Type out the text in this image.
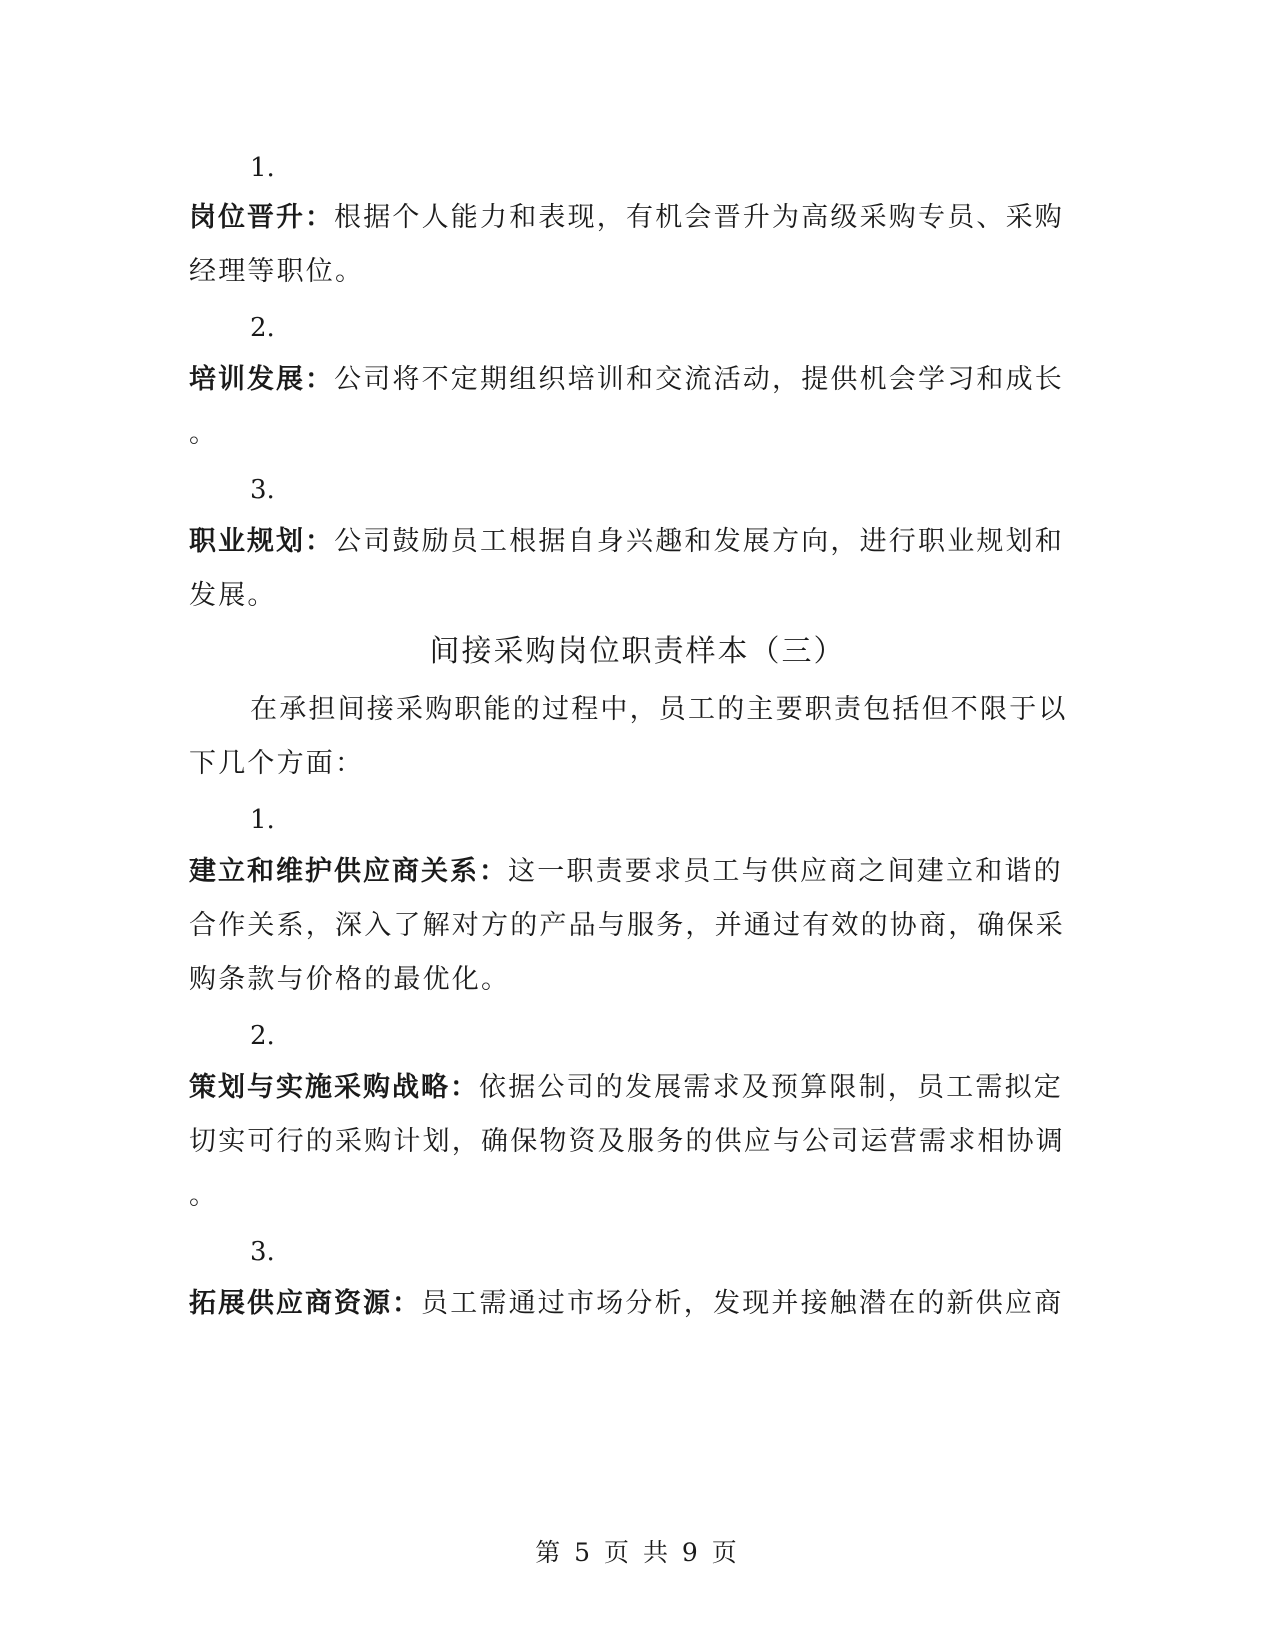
1.
岗位晋升：根据个人能力和表现，有机会晋升为高级采购专员、采购
经理等职位。
2.
培训发展：公司将不定期组织培训和交流活动，提供机会学习和成长
。
3.
职业规划：公司鼓励员工根据自身兴趣和发展方向，进行职业规划和
发展。
间接采购岗位职责样本（三）
在承担间接采购职能的过程中，员工的主要职责包括但不限于以
下几个方面：
1.
建立和维护供应商关系：这一职责要求员工与供应商之间建立和谐的
合作关系，深入了解对方的产品与服务，并通过有效的协商，确保采
购条款与价格的最优化。
2.
策划与实施采购战略：依据公司的发展需求及预算限制，员工需拟定
切实可行的采购计划，确保物资及服务的供应与公司运营需求相协调
。
3.
拓展供应商资源：员工需通过市场分析，发现并接触潜在的新供应商
第 5 页 共 9 页
